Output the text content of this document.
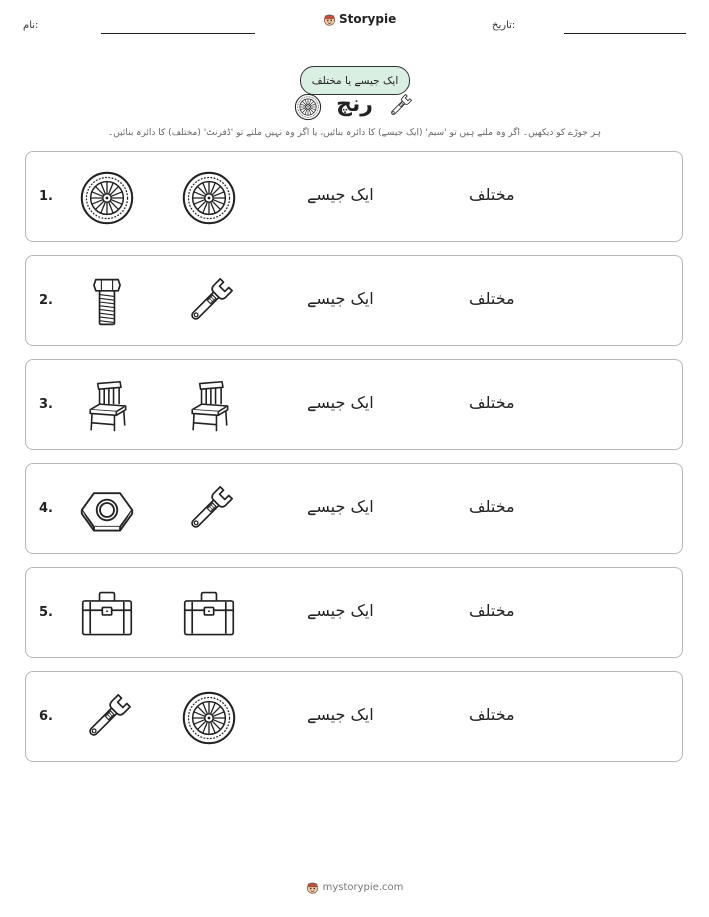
نام:	Storypie	تاریخ:
ایک جیسے یا مختلف
رنچ
ہر جوڑے کو دیکھیں۔ اگر وہ ملتے ہیں تو 'سیم' (ایک جیسے) کا دائرہ بنائیں، یا اگر وہ نہیں ملتے تو 'ڈفرنٹ' (مختلف) کا دائرہ بنائیں۔
1.	ایک جیسے	مختلف
2.	ایک جیسے	مختلف
3.	ایک جیسے	مختلف
4.	ایک جیسے	مختلف
5.	ایک جیسے	مختلف
6.	ایک جیسے	مختلف
mystorypie.com
